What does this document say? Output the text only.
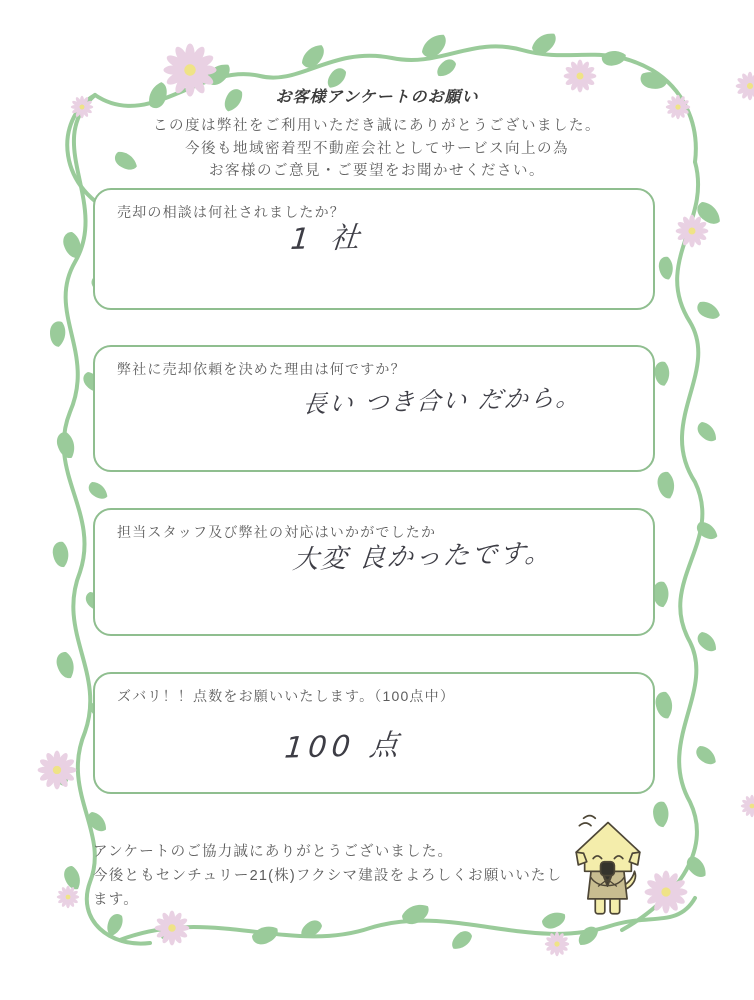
お客様アンケートのお願い

この度は弊社をご利用いただき誠にありがとうございました。

今後も地域密着型不動産会社としてサービス向上の為

お客様のご意見・ご要望をお聞かせください。

売却の相談は何社されましたか？
1 社
弊社に売却依頼を決めた理由は何ですか？
長い つき合い だから。
担当スタッフ及び弊社の対応はいかがでしたか
大変 良かったです。
ズバリ！！点数をお願いいたします。（100点中）
100 点

アンケートのご協力誠にありがとうございました。

今後ともセンチュリー21(株)フクシマ建設をよろしくお願いいたします。
